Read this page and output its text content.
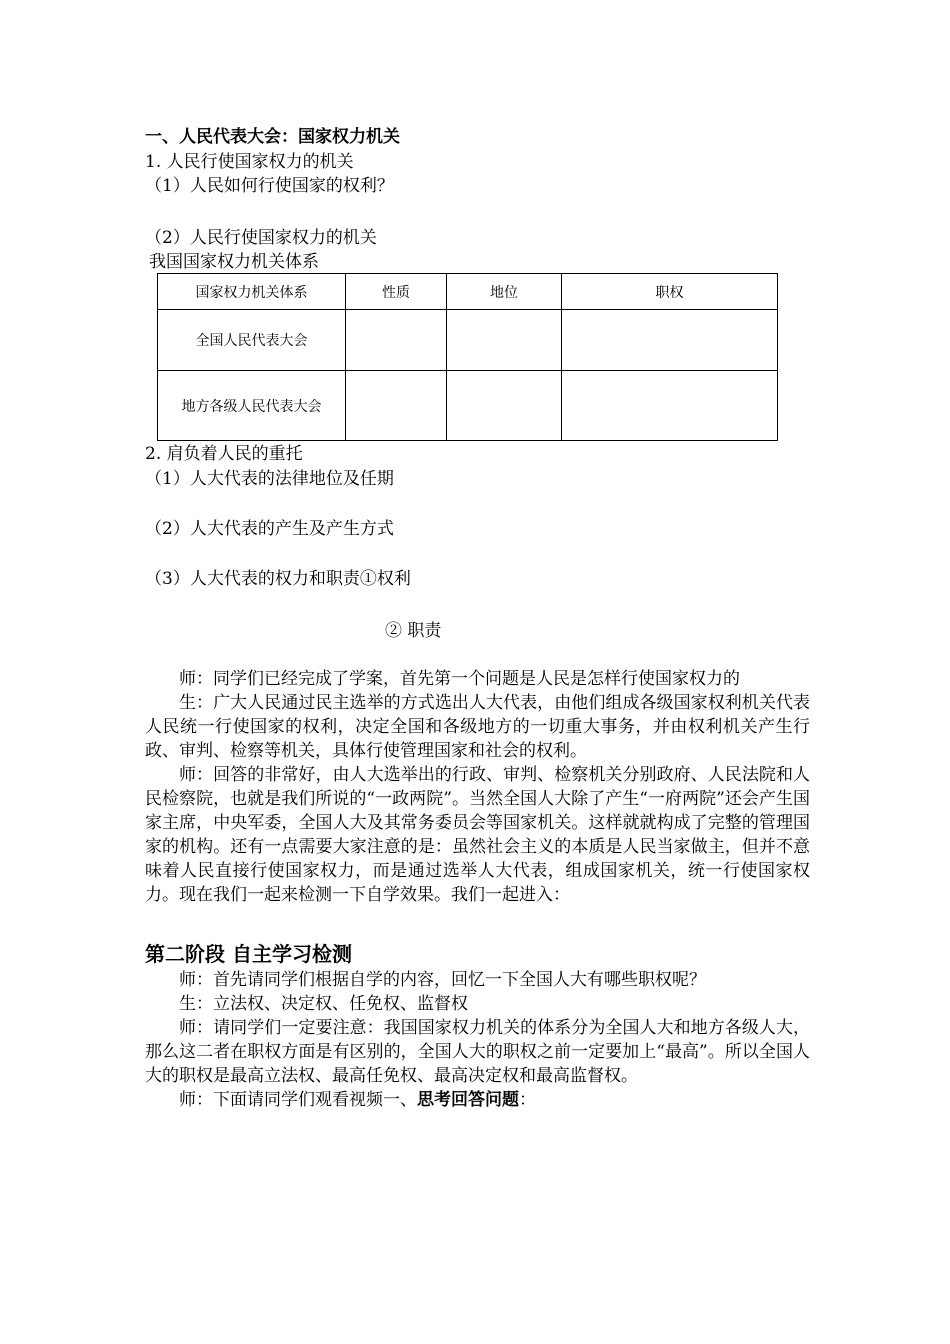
一、人民代表大会：国家权力机关
1. 人民行使国家权力的机关
（1）人民如何行使国家的权利？
（2）人民行使国家权力的机关
我国国家权力机关体系
国家权力机关体系	性质	地位	职权
全国人民代表大会			
地方各级人民代表大会			
2. 肩负着人民的重托
（1）人大代表的法律地位及任期
（2）人大代表的产生及产生方式
（3）人大代表的权力和职责①权利
② 职责

师：同学们已经完成了学案，首先第一个问题是人民是怎样行使国家权力的

生：广大人民通过民主选举的方式选出人大代表，由他们组成各级国家权利机关代表人民统一行使国家的权利，决定全国和各级地方的一切重大事务，并由权利机关产生行政、审判、检察等机关，具体行使管理国家和社会的权利。

师：回答的非常好，由人大选举出的行政、审判、检察机关分别政府、人民法院和人民检察院，也就是我们所说的“一政两院”。当然全国人大除了产生“一府两院”还会产生国家主席，中央军委，全国人大及其常务委员会等国家机关。这样就就构成了完整的管理国家的机构。还有一点需要大家注意的是：虽然社会主义的本质是人民当家做主，但并不意味着人民直接行使国家权力，而是通过选举人大代表，组成国家机关，统一行使国家权力。现在我们一起来检测一下自学效果。我们一起进入：

第二阶段 自主学习检测

师：首先请同学们根据自学的内容，回忆一下全国人大有哪些职权呢？

生：立法权、决定权、任免权、监督权

师：请同学们一定要注意：我国国家权力机关的体系分为全国人大和地方各级人大，那么这二者在职权方面是有区别的，全国人大的职权之前一定要加上“最高”。所以全国人大的职权是最高立法权、最高任免权、最高决定权和最高监督权。

师：下面请同学们观看视频一、思考回答问题：
